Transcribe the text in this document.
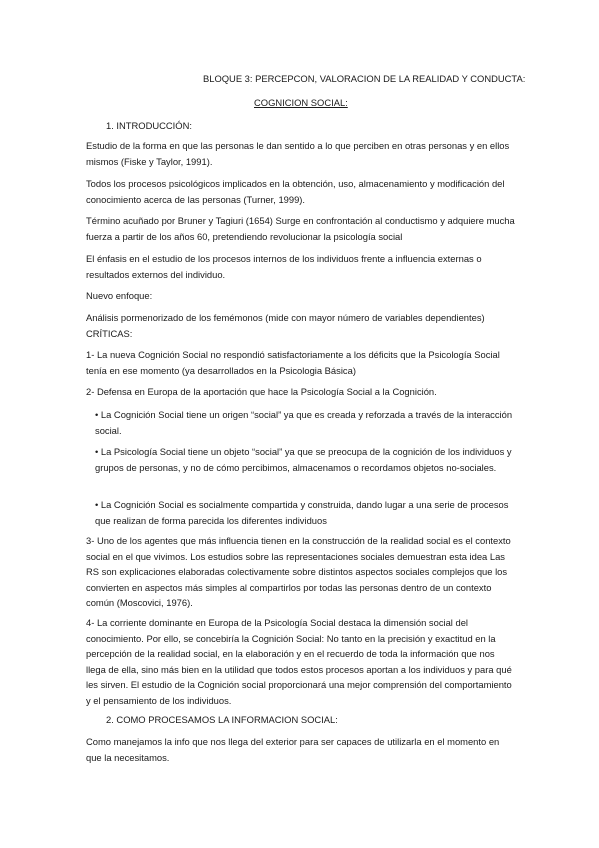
BLOQUE 3: PERCEPCON, VALORACION DE LA REALIDAD Y CONDUCTA:
COGNICION SOCIAL:
1. INTRODUCCIÓN:

Estudio de la forma en que las personas le dan sentido a lo que perciben en otras personas y en ellos mismos (Fiske y Taylor, 1991).

Todos los procesos psicológicos implicados en la obtención, uso, almacenamiento y modificación del conocimiento acerca de las personas (Turner, 1999).

Término acuñado por Bruner y Tagiuri (1654) Surge en confrontación al conductismo y adquiere mucha fuerza a partir de los años 60, pretendiendo revolucionar la psicología social

El énfasis en el estudio de los procesos internos de los individuos frente a influencia externas o resultados externos del individuo.

Nuevo enfoque:

Análisis pormenorizado de los femémonos (mide con mayor número de variables dependientes)          CRÍTICAS:

1- La nueva Cognición Social no respondió satisfactoriamente a los déficits que la Psicología Social tenía en ese momento (ya desarrollados en la Psicologia Básica)

2- Defensa en Europa de la aportación que hace la Psicología Social a la Cognición.

• La Cognición Social tiene un origen “social” ya que es creada y reforzada a través de la interacción social.
• La Psicología Social tiene un objeto “social” ya que se preocupa de la cognición de los individuos y grupos de personas, y no de cómo percibimos, almacenamos o recordamos objetos no-sociales.
• La Cognición Social es socialmente compartida y construida, dando lugar a una serie de procesos que realizan de forma parecida los diferentes individuos

3- Uno de los agentes que más influencia tienen en la construcción de la realidad social es el contexto social en el que vivimos. Los estudios sobre las representaciones sociales demuestran esta idea Las RS son explicaciones elaboradas colectivamente sobre distintos aspectos sociales complejos que los convierten en aspectos más simples al compartirlos por todas las personas dentro de un contexto común (Moscovici, 1976).

4- La corriente dominante en Europa de la Psicología Social destaca la dimensión social del conocimiento. Por ello, se concebiría la Cognición Social: No tanto en la precisión y exactitud en la percepción de la realidad social, en la elaboración y en el recuerdo de toda la información que nos llega de ella, sino más bien en la utilidad que todos estos procesos aportan a los individuos y para qué les sirven. El estudio de la Cognición social proporcionará una mejor comprensión del comportamiento y el pensamiento de los individuos.

2. COMO PROCESAMOS LA INFORMACION SOCIAL:

Como manejamos la info que nos llega del exterior para ser capaces de utilizarla en el momento en que la necesitamos.
